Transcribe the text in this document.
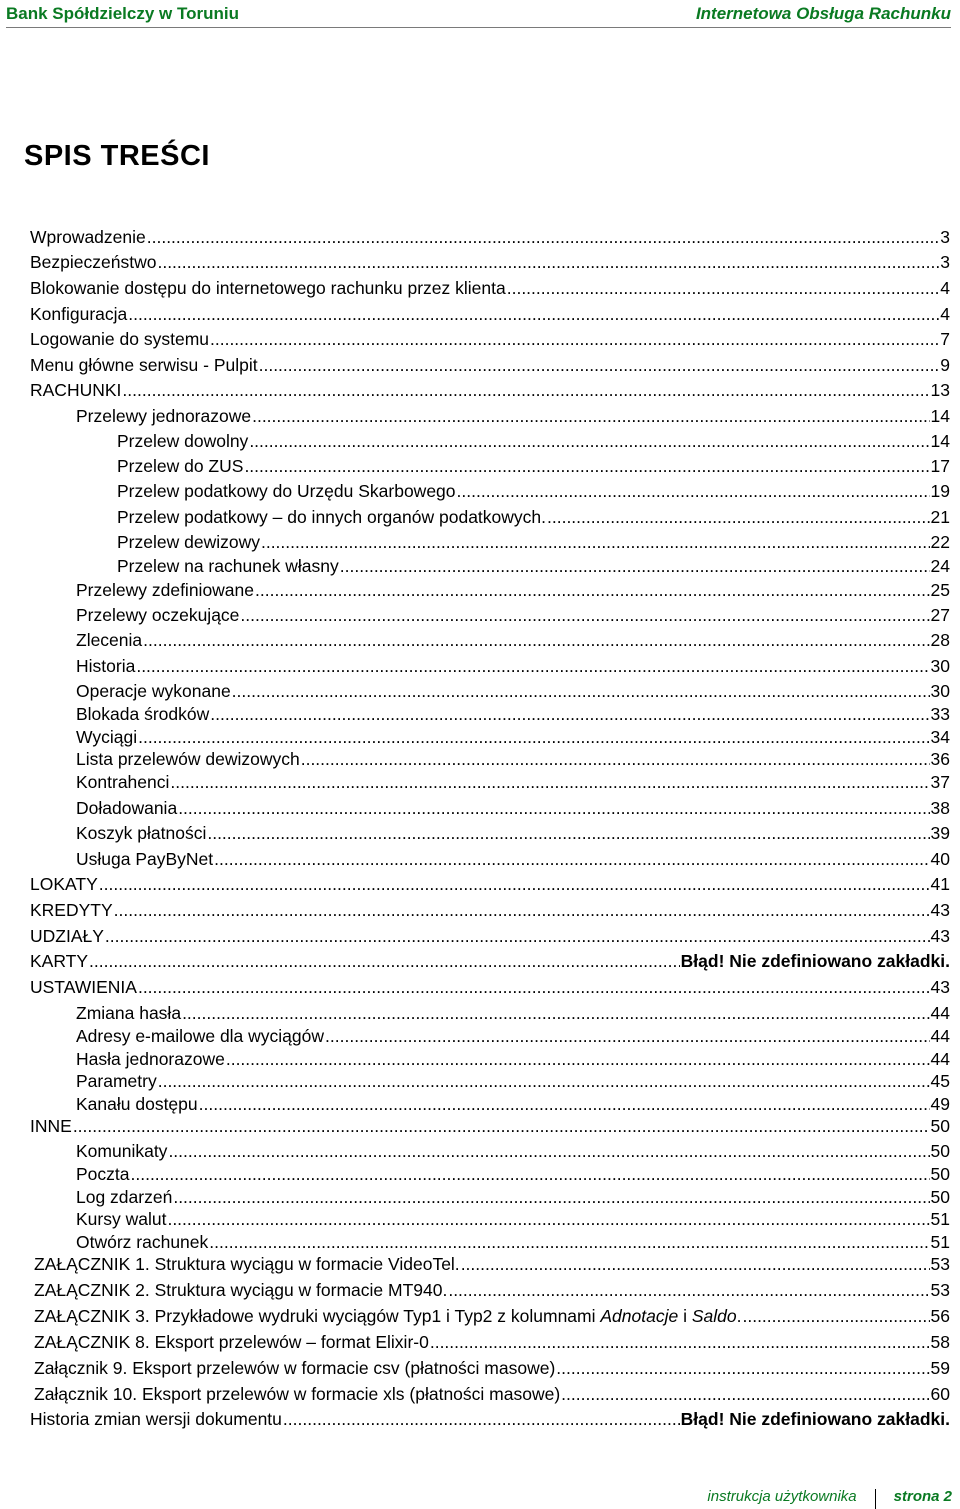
Bank Spółdzielczy w Toruniu	Internetowa Obsługa Rachunku
SPIS TREŚCI
Wprowadzenie .....	3
Bezpieczeństwo .....	3
Blokowanie dostępu do internetowego rachunku przez klienta .....	4
Konfiguracja .....	4
Logowanie do systemu .....	7
Menu główne serwisu - Pulpit .....	9
RACHUNKI .....	13
Przelewy jednorazowe .....	14
Przelew dowolny .....	14
Przelew do ZUS .....	17
Przelew podatkowy do Urzędu Skarbowego .....	19
Przelew podatkowy – do innych organów podatkowych. .....	21
Przelew dewizowy .....	22
Przelew na rachunek własny .....	24
Przelewy zdefiniowane .....	25
Przelewy oczekujące .....	27
Zlecenia .....	28
Historia .....	30
Operacje wykonane .....	30
Blokada środków .....	33
Wyciągi .....	34
Lista przelewów dewizowych .....	36
Kontrahenci .....	37
Doładowania .....	38
Koszyk płatności .....	39
Usługa PayByNet .....	40
LOKATY .....	41
KREDYTY .....	43
UDZIAŁY .....	43
KARTY .....	Błąd! Nie zdefiniowano zakładki.
USTAWIENIA .....	43
Zmiana hasła .....	44
Adresy e-mailowe dla wyciągów .....	44
Hasła jednorazowe .....	44
Parametry .....	45
Kanału dostępu .....	49
INNE .....	50
Komunikaty .....	50
Poczta .....	50
Log zdarzeń .....	50
Kursy walut .....	51
Otwórz rachunek .....	51
ZAŁĄCZNIK 1. Struktura wyciągu w formacie VideoTel. .....	53
ZAŁĄCZNIK 2. Struktura wyciągu w formacie MT940. .....	53
ZAŁĄCZNIK 3. Przykładowe wydruki wyciągów Typ1 i Typ2 z kolumnami Adnotacje i Saldo. .....	56
ZAŁĄCZNIK 8. Eksport przelewów – format Elixir-0 .....	58
Załącznik 9. Eksport przelewów w formacie csv (płatności masowe) .....	59
Załącznik 10. Eksport przelewów w formacie xls (płatności masowe) .....	60
Historia zmian wersji dokumentu .....	Błąd! Nie zdefiniowano zakładki.
instrukcja użytkownika strona 2
